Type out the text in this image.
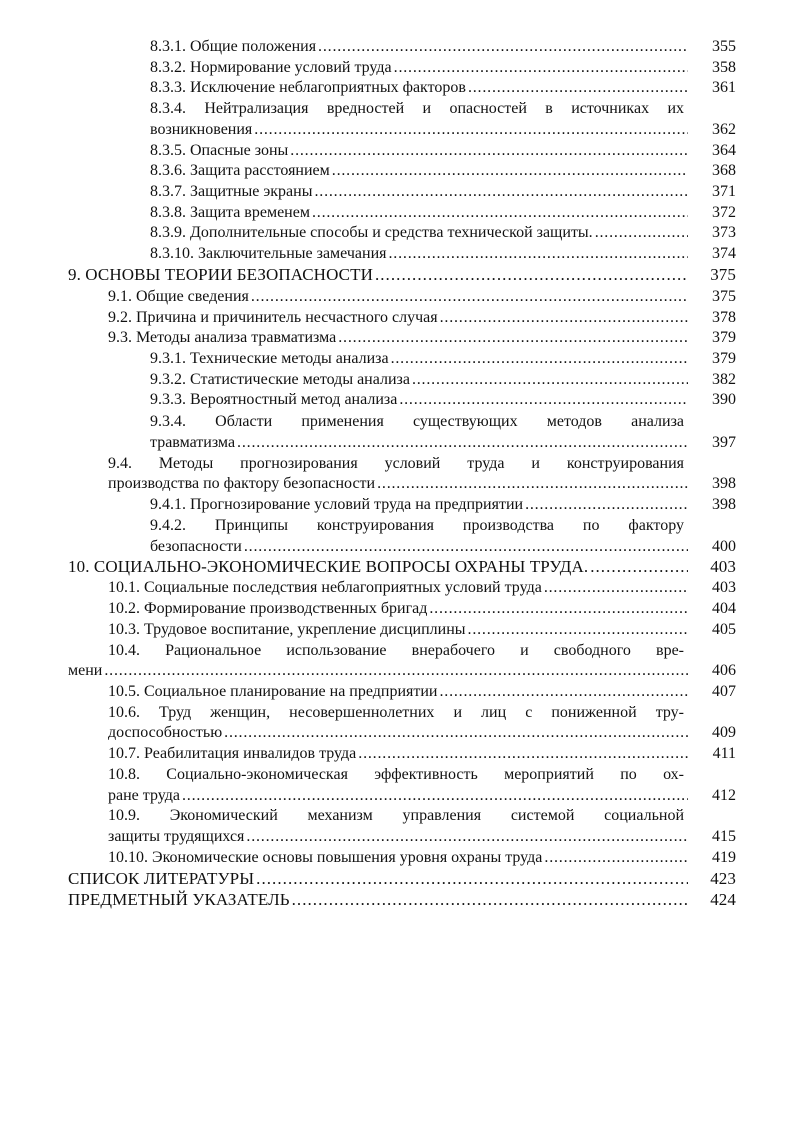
8.3.1. Общие положения . . .	355
8.3.2. Нормирование условий труда . . .	358
8.3.3. Исключение неблагоприятных факторов . . .	361
8.3.4. Нейтрализация вредностей и опасностей в источниках их
возникновения . . .	362
8.3.5. Опасные зоны . . .	364
8.3.6. Защита расстоянием . . .	368
8.3.7. Защитные экраны . . .	371
8.3.8. Защита временем . . .	372
8.3.9. Дополнительные способы и средства технической защиты. . . .	373
8.3.10. Заключительные замечания . . .	374
9. ОСНОВЫ ТЕОРИИ БЕЗОПАСНОСТИ . . .	375
9.1. Общие сведения . . .	375
9.2. Причина и причинитель несчастного случая . . .	378
9.3. Методы анализа травматизма . . .	379
9.3.1. Технические методы анализа . . .	379
9.3.2. Статистические методы анализа . . .	382
9.3.3. Вероятностный метод анализа . . .	390
9.3.4. Области применения существующих методов анализа
травматизма . . .	397
9.4. Методы прогнозирования условий труда и конструирования
производства по фактору безопасности . . .	398
9.4.1. Прогнозирование условий труда на предприятии . . .	398
9.4.2. Принципы конструирования производства по фактору
безопасности . . .	400
10. СОЦИАЛЬНО-ЭКОНОМИЧЕСКИЕ ВОПРОСЫ ОХРАНЫ ТРУДА. . . .	403
10.1. Социальные последствия неблагоприятных условий труда . . .	403
10.2. Формирование производственных бригад . . .	404
10.3. Трудовое воспитание, укрепление дисциплины . . .	405
10.4. Рациональное использование внерабочего и свободного вре-
мени . . .	406
10.5. Социальное планирование на предприятии . . .	407
10.6. Труд женщин, несовершеннолетних и лиц с пониженной тру-
доспособностью . . .	409
10.7. Реабилитация инвалидов труда . . .	411
10.8. Социально-экономическая эффективность мероприятий по ох-
ране труда . . .	412
10.9. Экономический механизм управления системой социальной
защиты трудящихся . . .	415
10.10. Экономические основы повышения уровня охраны труда . . .	419
СПИСОК ЛИТЕРАТУРЫ . . .	423
ПРЕДМЕТНЫЙ УКАЗАТЕЛЬ . . .	424
